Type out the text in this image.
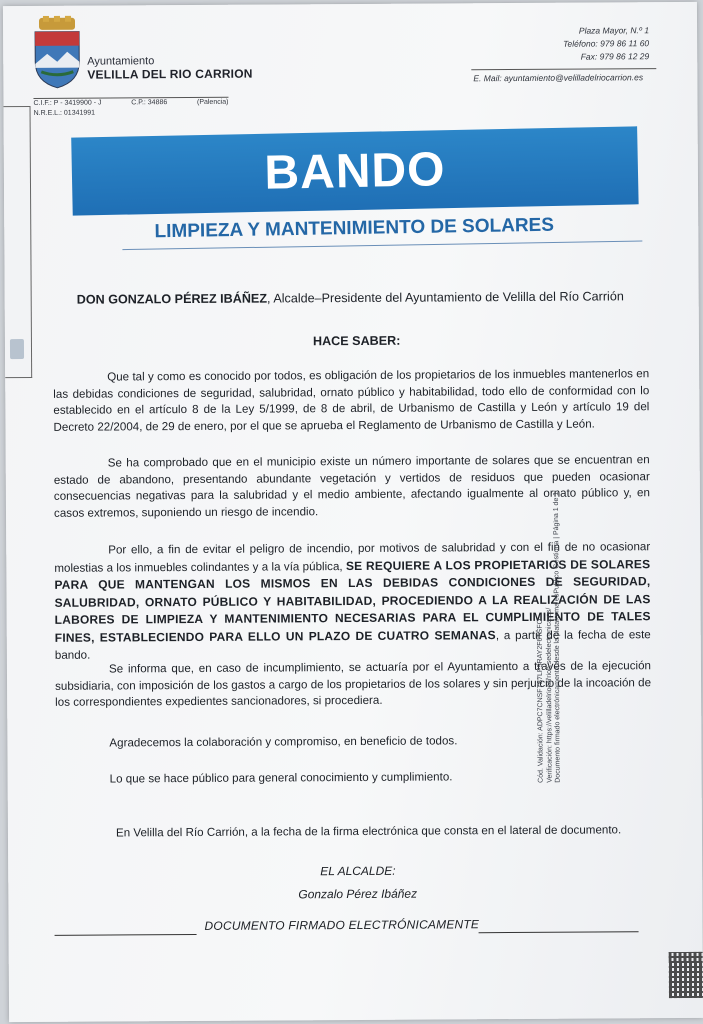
Ayuntamiento
VELILLA DEL RIO CARRION
C.I.F.: P - 3419900 - J	C.P.: 34886	(Palencia)
N.R.E.L.: 01341991
Plaza Mayor, N.º 1
Teléfono: 979 86 11 60
Fax: 979 86 12 29
E. Mail: ayuntamiento@velilladelriocarrion.es
BANDO
LIMPIEZA Y MANTENIMIENTO DE SOLARES
DON GONZALO PÉREZ IBÁÑEZ, Alcalde–Presidente del Ayuntamiento de Velilla del Río Carrión
HACE SABER:
Que tal y como es conocido por todos, es obligación de los propietarios de los inmuebles mantenerlos en las debidas condiciones de seguridad, salubridad, ornato público y habitabilidad, todo ello de conformidad con lo establecido en el artículo 8 de la Ley 5/1999, de 8 de abril, de Urbanismo de Castilla y León y artículo 19 del Decreto 22/2004, de 29 de enero, por el que se aprueba el Reglamento de Urbanismo de Castilla y León.
Se ha comprobado que en el municipio existe un número importante de solares que se encuentran en estado de abandono, presentando abundante vegetación y vertidos de residuos que pueden ocasionar consecuencias negativas para la salubridad y el medio ambiente, afectando igualmente al ornato público y, en casos extremos, suponiendo un riesgo de incendio.
Por ello, a fin de evitar el peligro de incendio, por motivos de salubridad y con el fin de no ocasionar molestias a los inmuebles colindantes y a la vía pública, SE REQUIERE A LOS PROPIETARIOS DE SOLARES PARA QUE MANTENGAN LOS MISMOS EN LAS DEBIDAS CONDICIONES DE SEGURIDAD, SALUBRIDAD, ORNATO PÚBLICO Y HABITABILIDAD, PROCEDIENDO A LA REALIZACIÓN DE LAS LABORES DE LIMPIEZA Y MANTENIMIENTO NECESARIAS PARA EL CUMPLIMIENTO DE TALES FINES, ESTABLECIENDO PARA ELLO UN PLAZO DE CUATRO SEMANAS, a partir de la fecha de este bando.
Se informa que, en caso de incumplimiento, se actuaría por el Ayuntamiento a través de la ejecución subsidiaria, con imposición de los gastos a cargo de los propietarios de los solares y sin perjuicio de la incoación de los correspondientes expedientes sancionadores, si procediera.
Agradecemos la colaboración y compromiso, en beneficio de todos.
Lo que se hace público para general conocimiento y cumplimiento.
En Velilla del Río Carrión, a la fecha de la firma electrónica que consta en el lateral de documento.
EL ALCALDE:
Gonzalo Pérez Ibáñez
DOCUMENTO FIRMADO ELECTRÓNICAMENTE
Cód. Validación: ADPC7CNSF7S7LP5RAY2F6TSFO Verificación: https://velilladelriocarrion.sedelectronica.es/ Documento firmado electrónicamente desde la plataforma esPublico Gestiona | Página 1 de 1
